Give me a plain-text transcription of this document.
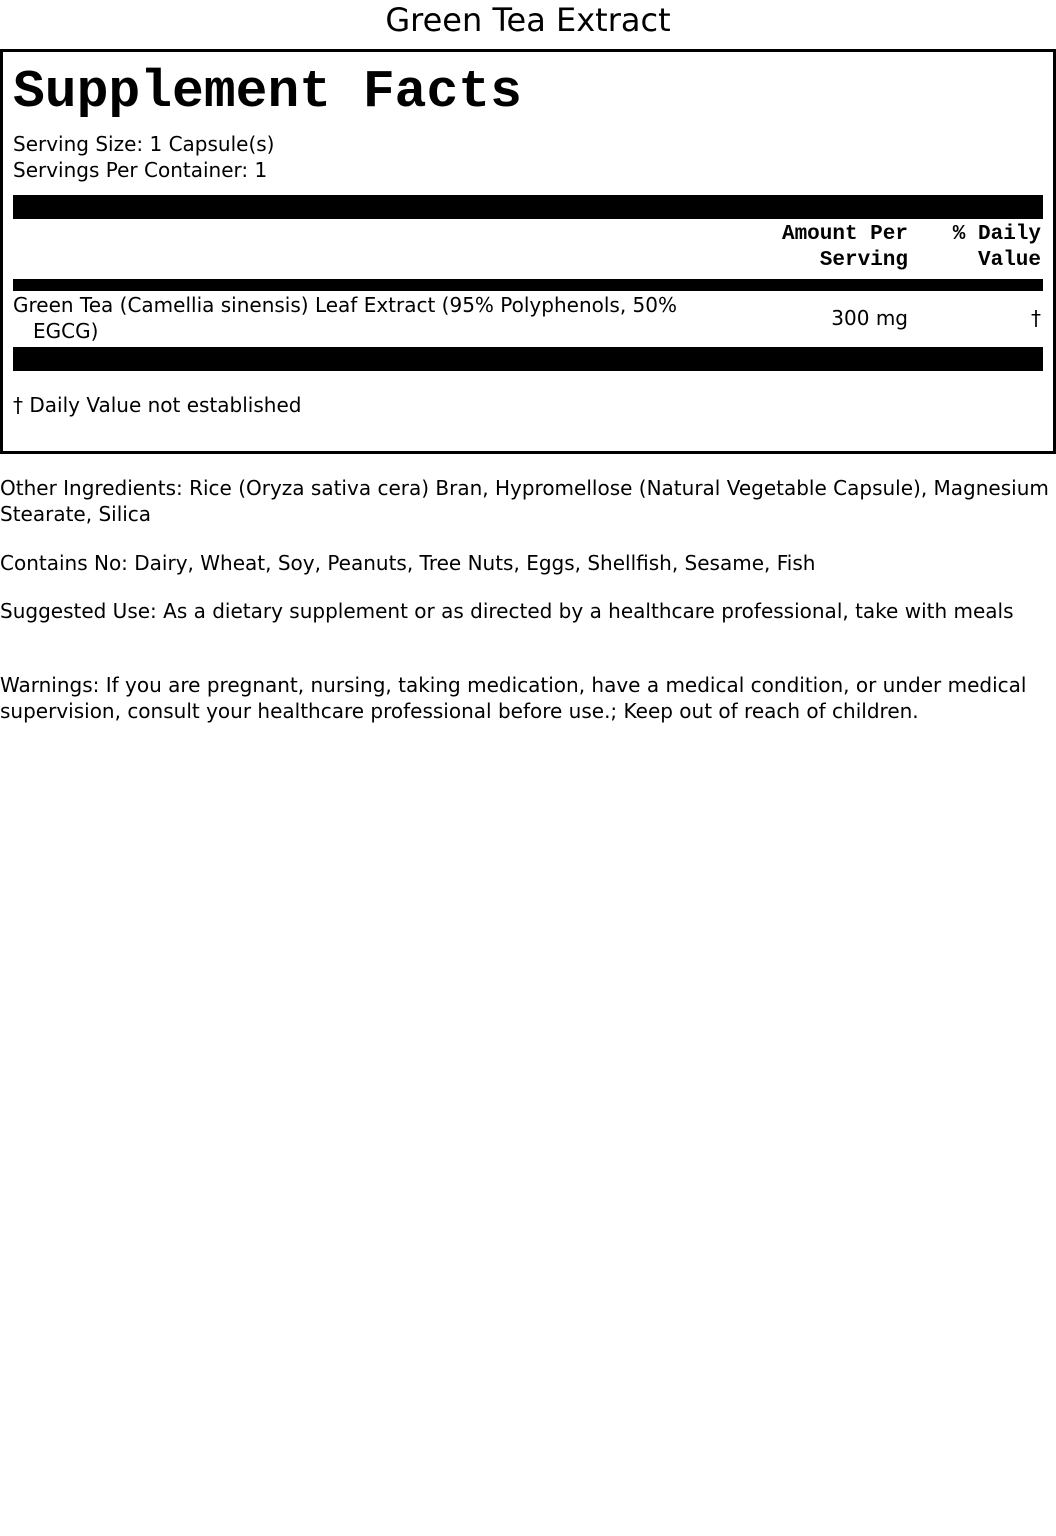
Green Tea Extract
Supplement Facts
Serving Size: 1 Capsule(s)
Servings Per Container: 1
Amount Per
Serving
% Daily
Value
Green Tea (Camellia sinensis) Leaf Extract (95% Polyphenols, 50% EGCG)
300 mg	†
† Daily Value not established

Other Ingredients: Rice (Oryza sativa cera) Bran, Hypromellose (Natural Vegetable Capsule), Magnesium Stearate, Silica

Contains No: Dairy, Wheat, Soy, Peanuts, Tree Nuts, Eggs, Shellfish, Sesame, Fish

Suggested Use: As a dietary supplement or as directed by a healthcare professional, take with meals

Warnings: If you are pregnant, nursing, taking medication, have a medical condition, or under medical supervision, consult your healthcare professional before use.; Keep out of reach of children.
